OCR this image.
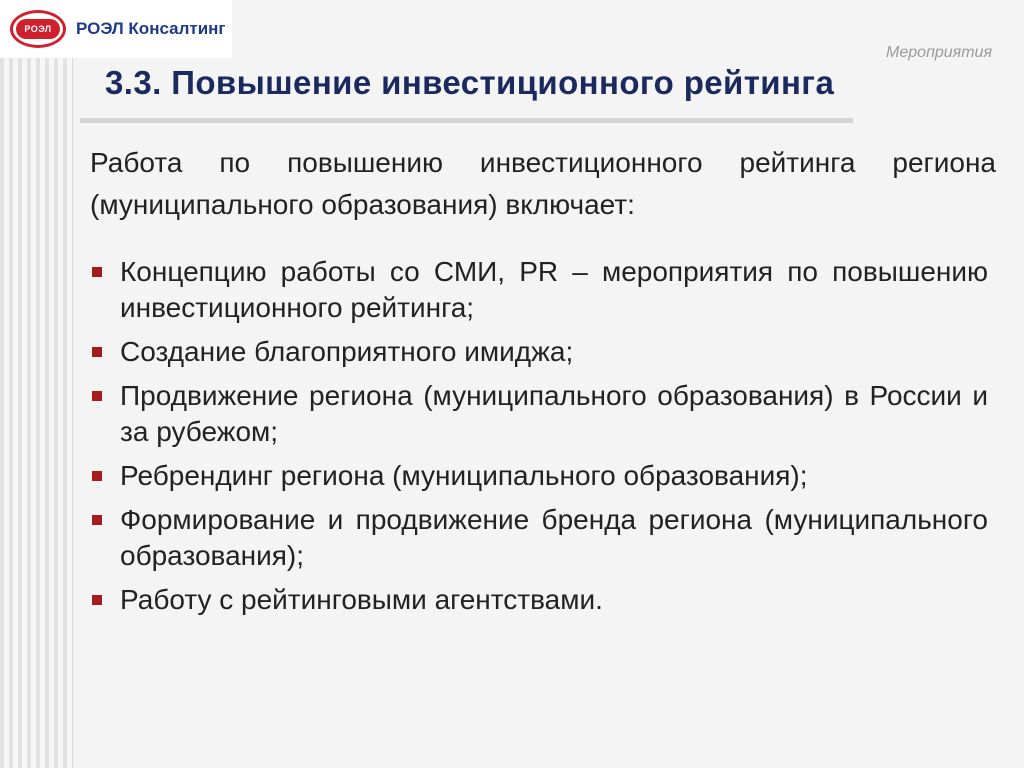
РОЭЛ	РОЭЛ Консалтинг
Мероприятия
3.3. Повышение инвестиционного рейтинга

Работа по повышению инвестиционного рейтинга региона (муниципального образования) включает:

Концепцию работы со СМИ, PR – мероприятия по повышению инвестиционного рейтинга;
Создание благоприятного имиджа;
Продвижение региона (муниципального образования) в России и за рубежом;
Ребрендинг региона (муниципального образования);
Формирование и продвижение бренда региона (муниципального образования);
Работу с рейтинговыми агентствами.
